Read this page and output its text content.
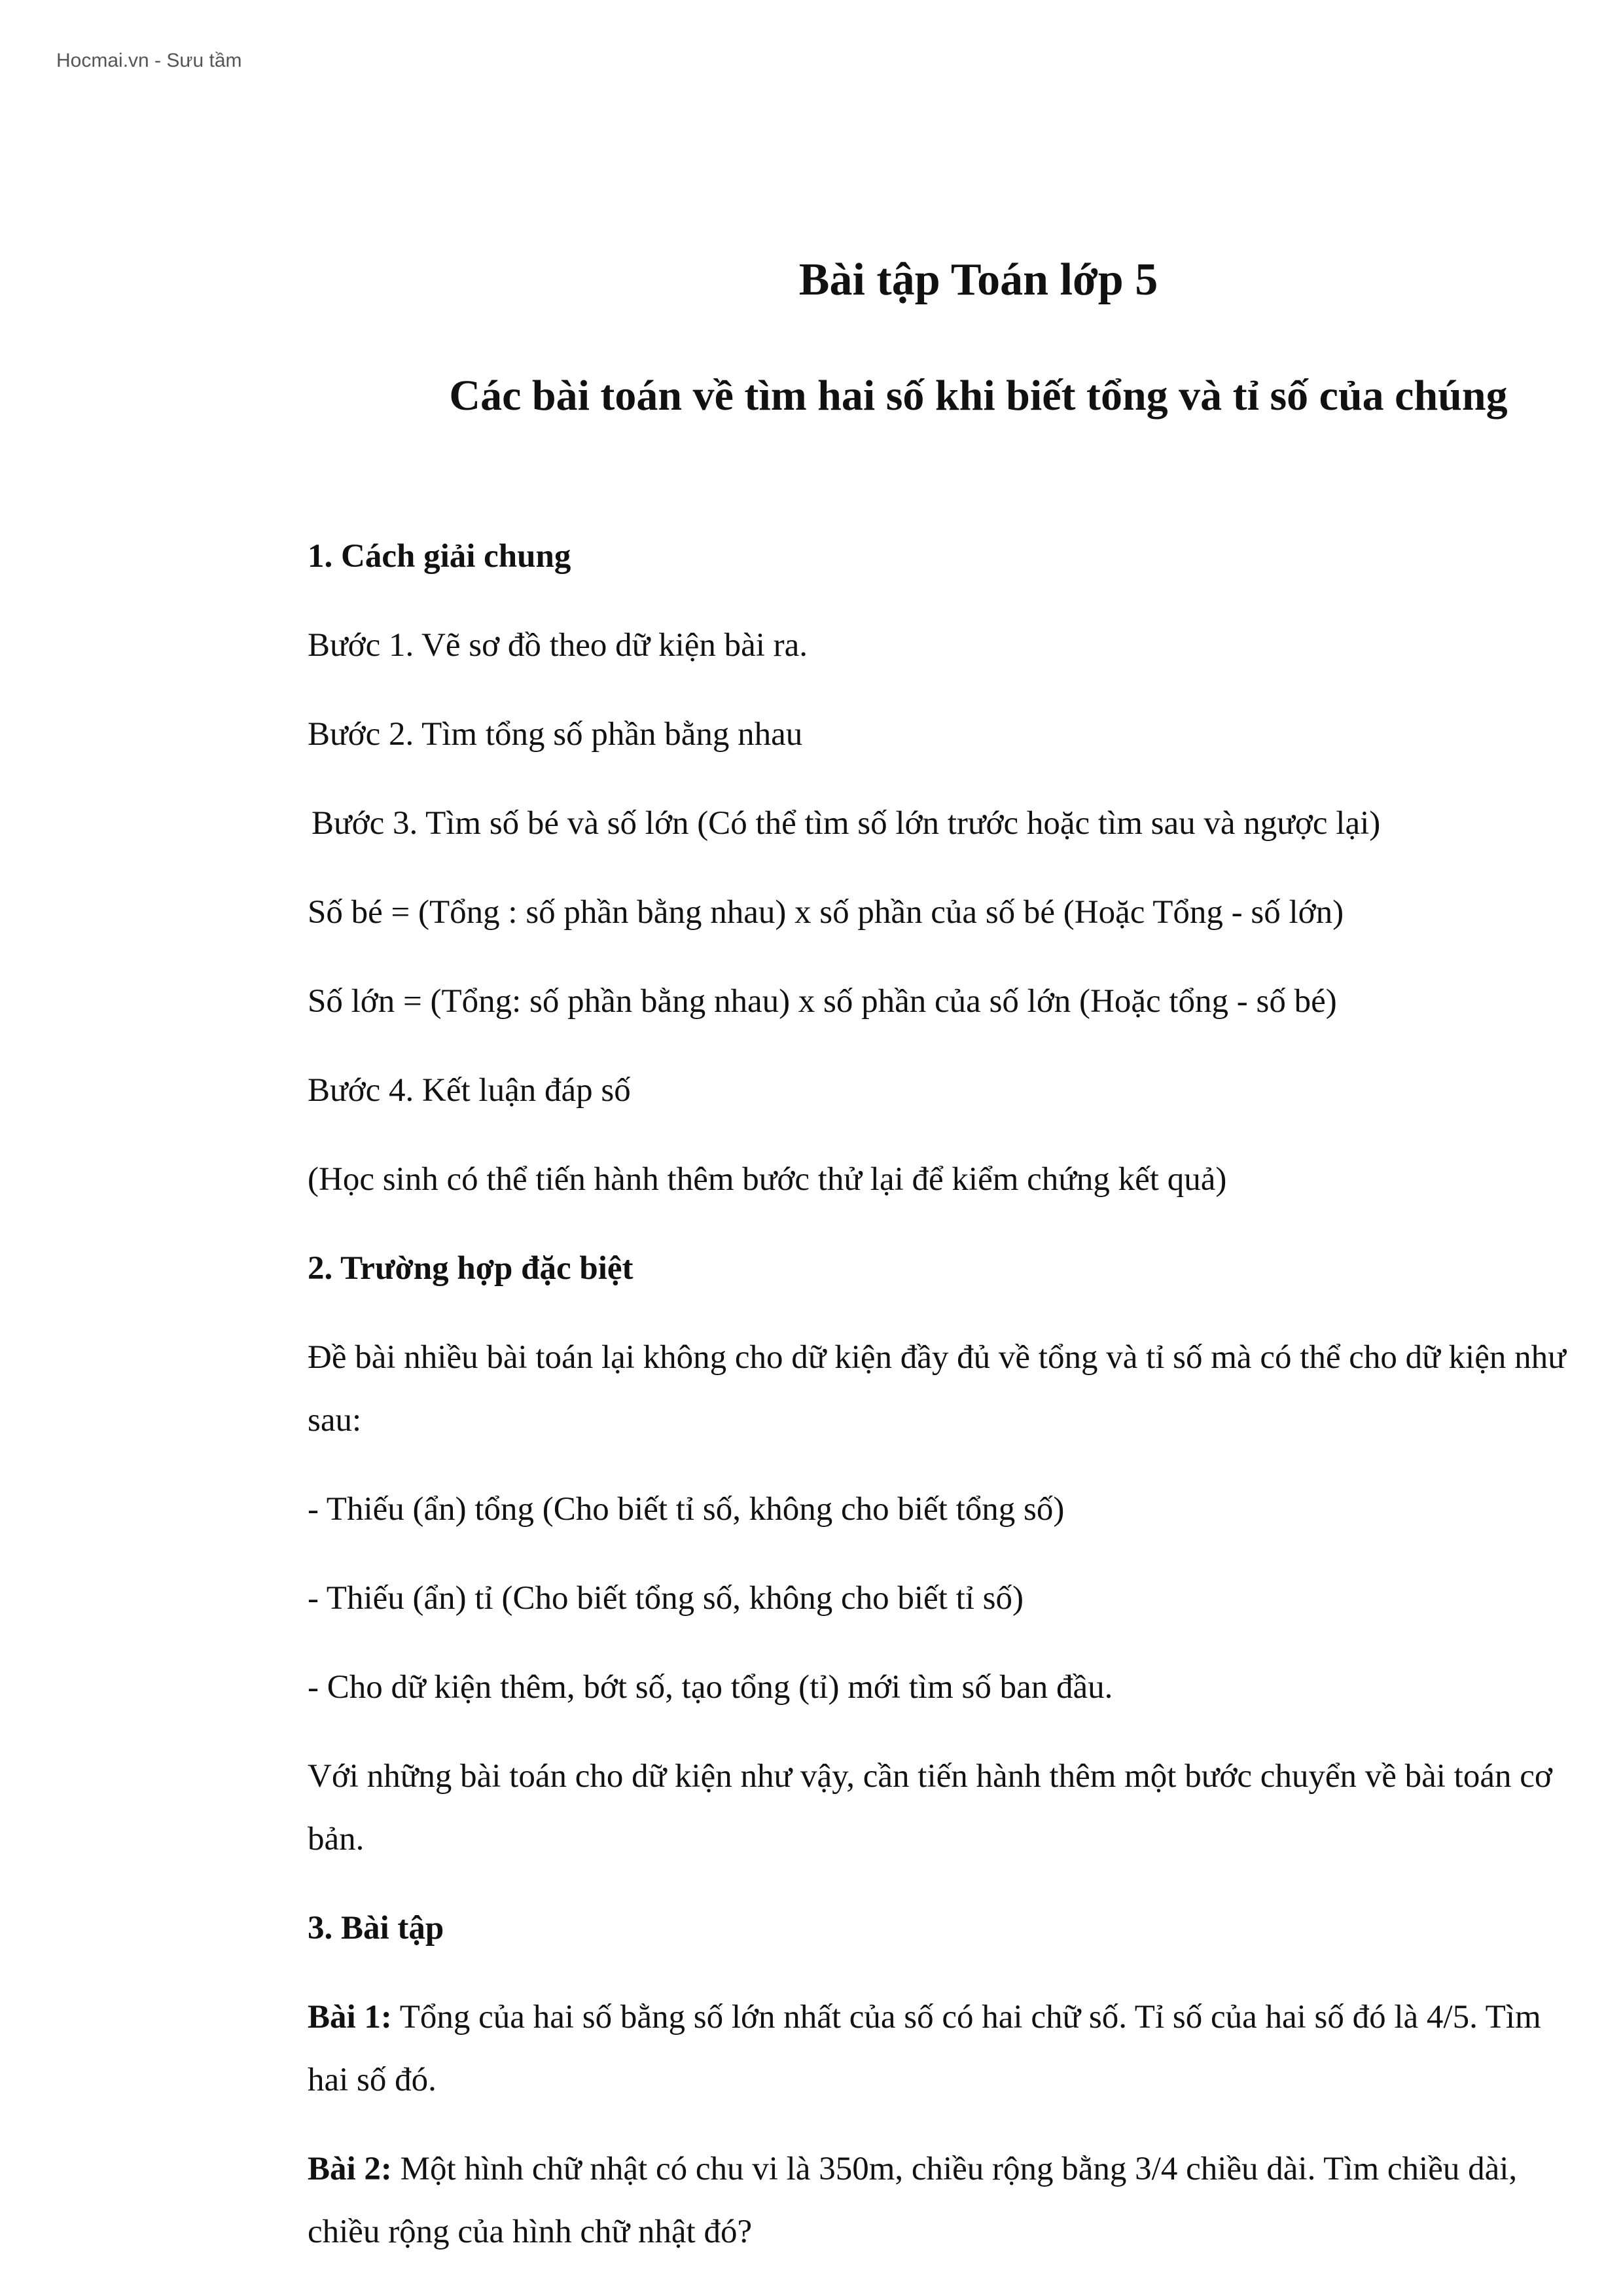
Hocmai.vn - Sưu tầm

Bài tập Toán lớp 5
Các bài toán về tìm hai số khi biết tổng và tỉ số của chúng

1. Cách giải chung

Bước 1. Vẽ sơ đồ theo dữ kiện bài ra.

Bước 2. Tìm tổng số phần bằng nhau

Bước 3. Tìm số bé và số lớn (Có thể tìm số lớn trước hoặc tìm sau và ngược lại)

Số bé = (Tổng : số phần bằng nhau) x số phần của số bé (Hoặc Tổng - số lớn)

Số lớn = (Tổng: số phần bằng nhau) x số phần của số lớn (Hoặc tổng - số bé)

Bước 4. Kết luận đáp số

(Học sinh có thể tiến hành thêm bước thử lại để kiểm chứng kết quả)

2. Trường hợp đặc biệt

Đề bài nhiều bài toán lại không cho dữ kiện đầy đủ về tổng và tỉ số mà có thể cho dữ kiện như sau:

- Thiếu (ẩn) tổng (Cho biết tỉ số, không cho biết tổng số)

- Thiếu (ẩn) tỉ (Cho biết tổng số, không cho biết tỉ số)

- Cho dữ kiện thêm, bớt số, tạo tổng (tỉ) mới tìm số ban đầu.

Với những bài toán cho dữ kiện như vậy, cần tiến hành thêm một bước chuyển về bài toán cơ bản.

3. Bài tập

Bài 1: Tổng của hai số bằng số lớn nhất của số có hai chữ số. Tỉ số của hai số đó là 4/5. Tìm hai số đó.

Bài 2: Một hình chữ nhật có chu vi là 350m, chiều rộng bằng 3/4 chiều dài. Tìm chiều dài, chiều rộng của hình chữ nhật đó?
